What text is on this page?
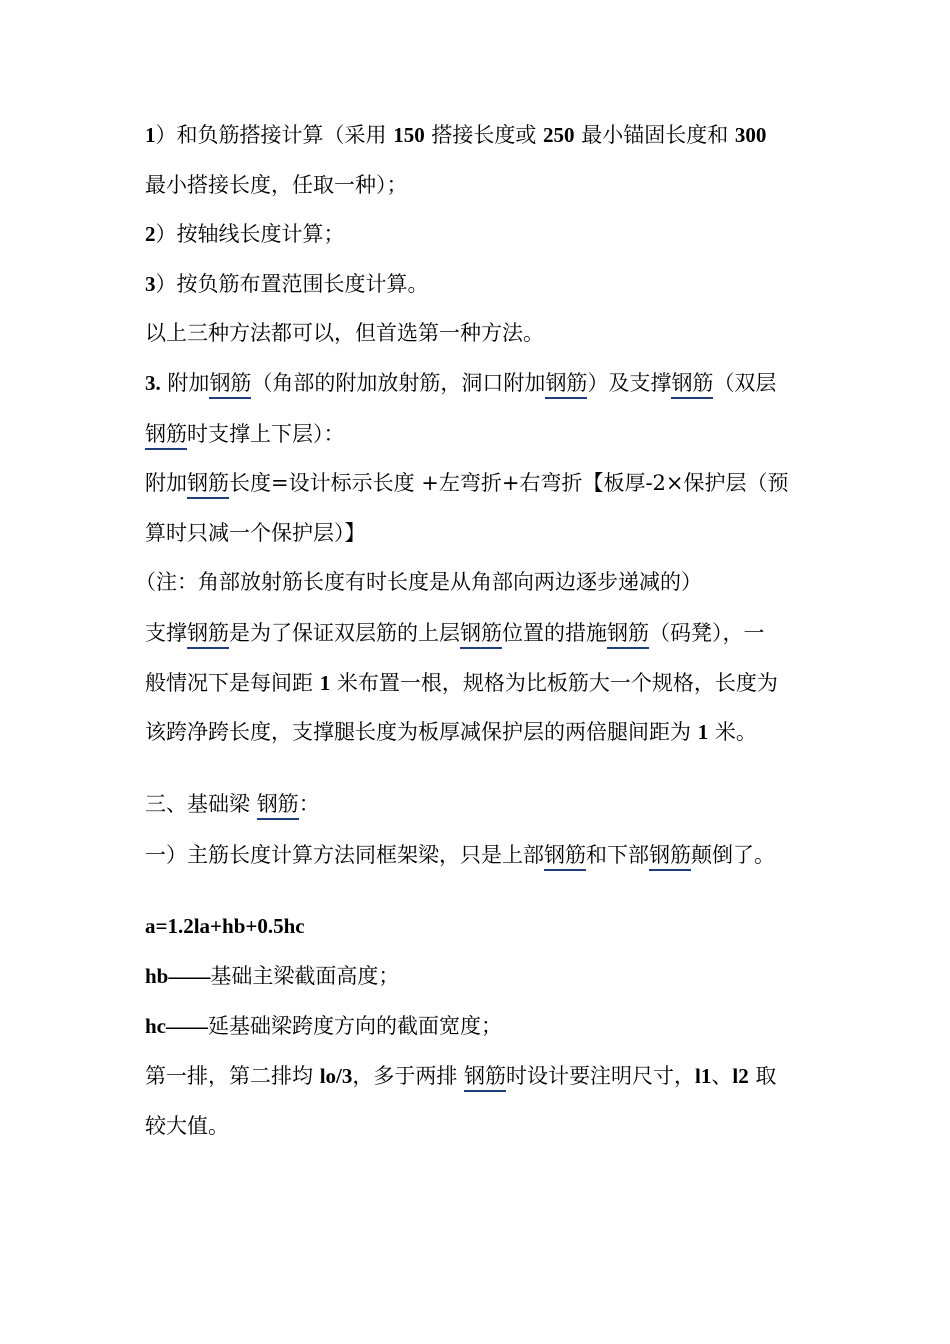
1）和负筋搭接计算（采用 150 搭接长度或 250 最小锚固长度和 300
最小搭接长度，任取一种）；
2）按轴线长度计算；
3）按负筋布置范围长度计算。
以上三种方法都可以，但首选第一种方法。
3. 附加钢筋（角部的附加放射筋，洞口附加钢筋）及支撑钢筋（双层
钢筋时支撑上下层）：
附加钢筋长度=设计标示长度 +左弯折+右弯折【板厚-2×保护层（预
算时只减一个保护层）】
（注：角部放射筋长度有时长度是从角部向两边逐步递减的）
支撑钢筋是为了保证双层筋的上层钢筋位置的措施钢筋（码凳），一
般情况下是每间距 1 米布置一根，规格为比板筋大一个规格，长度为
该跨净跨长度，支撑腿长度为板厚减保护层的两倍腿间距为 1 米。
三、基础梁 钢筋：
一）主筋长度计算方法同框架梁，只是上部钢筋和下部钢筋颠倒了。
a=1.2la+hb+0.5hc
hb——基础主梁截面高度；
hc——延基础梁跨度方向的截面宽度；
第一排，第二排均 lo/3，多于两排 钢筋时设计要注明尺寸，l1、l2 取
较大值。
